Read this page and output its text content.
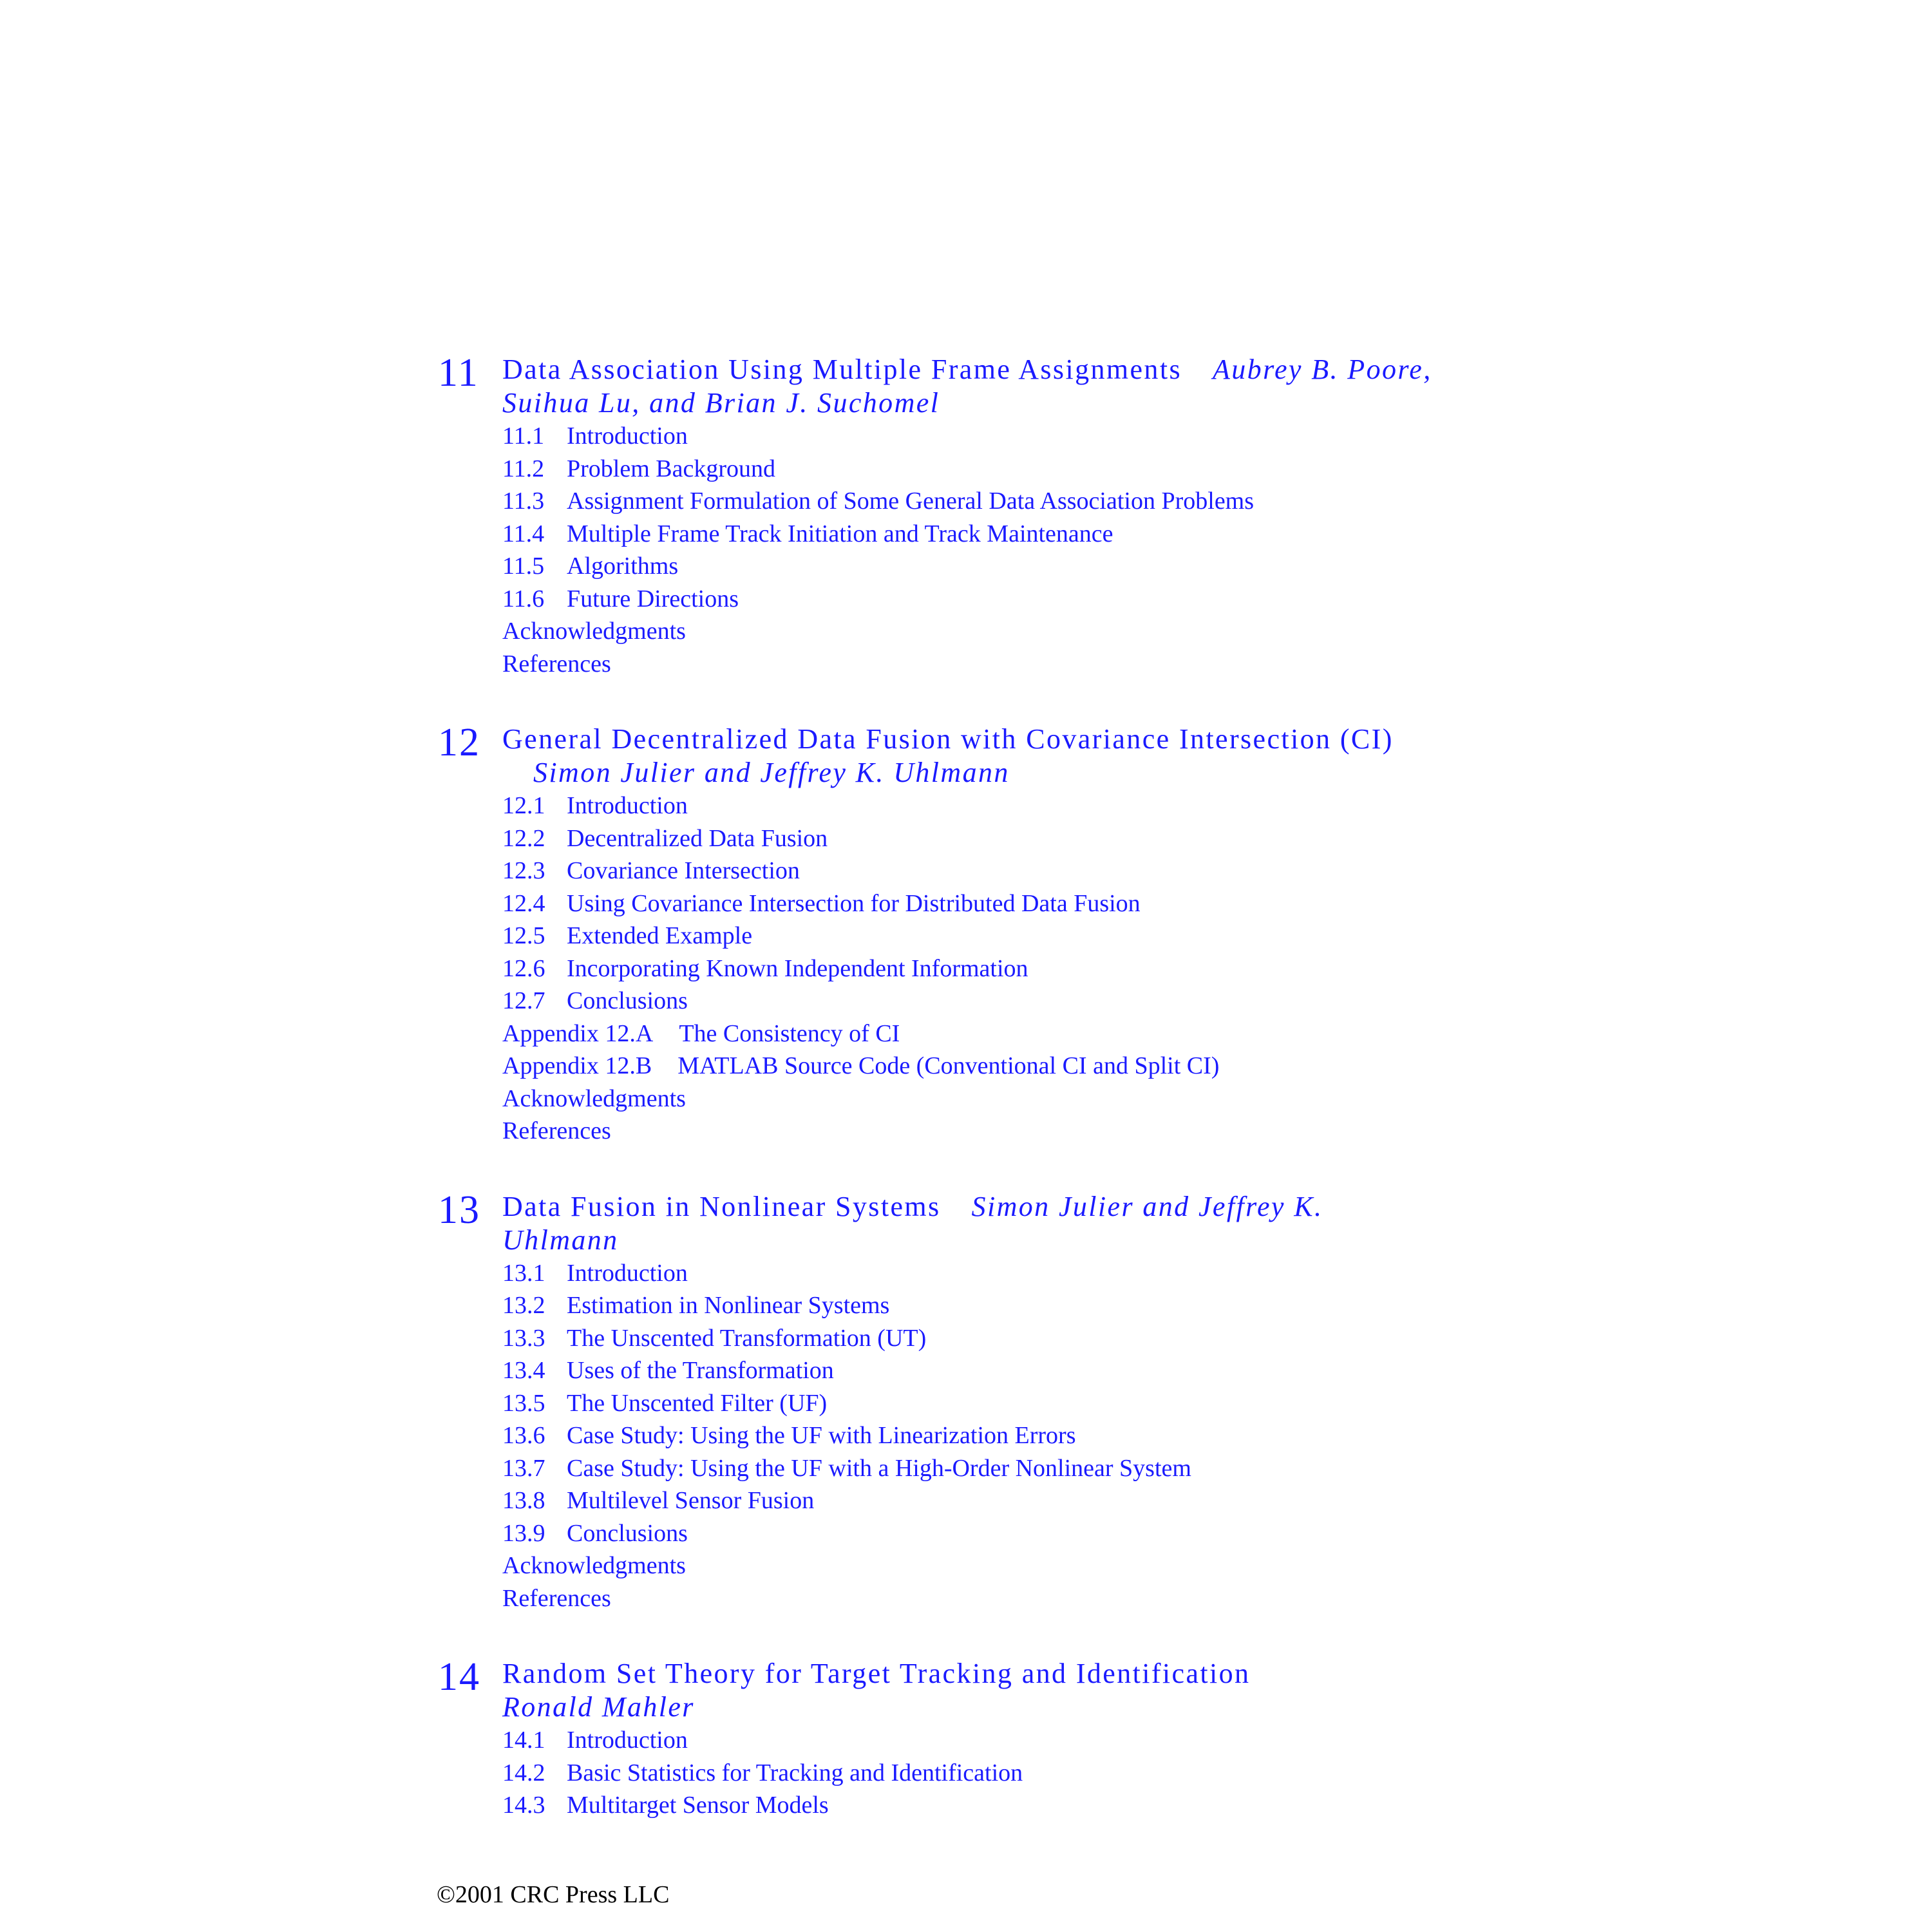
11 Data Association Using Multiple Frame Assignments Aubrey B. Poore,
Suihua Lu, and Brian J. Suchomel
11.1 Introduction
11.2 Problem Background
11.3 Assignment Formulation of Some General Data Association Problems
11.4 Multiple Frame Track Initiation and Track Maintenance
11.5 Algorithms
11.6 Future Directions
Acknowledgments
References
12 General Decentralized Data Fusion with Covariance Intersection (CI)
Simon Julier and Jeffrey K. Uhlmann
12.1 Introduction
12.2 Decentralized Data Fusion
12.3 Covariance Intersection
12.4 Using Covariance Intersection for Distributed Data Fusion
12.5 Extended Example
12.6 Incorporating Known Independent Information
12.7 Conclusions
Appendix 12.A The Consistency of CI
Appendix 12.B MATLAB Source Code (Conventional CI and Split CI)
Acknowledgments
References
13 Data Fusion in Nonlinear Systems Simon Julier and Jeffrey K.
Uhlmann
13.1 Introduction
13.2 Estimation in Nonlinear Systems
13.3 The Unscented Transformation (UT)
13.4 Uses of the Transformation
13.5 The Unscented Filter (UF)
13.6 Case Study: Using the UF with Linearization Errors
13.7 Case Study: Using the UF with a High-Order Nonlinear System
13.8 Multilevel Sensor Fusion
13.9 Conclusions
Acknowledgments
References
14 Random Set Theory for Target Tracking and Identification
Ronald Mahler
14.1 Introduction
14.2 Basic Statistics for Tracking and Identification
14.3 Multitarget Sensor Models
©2001 CRC Press LLC
